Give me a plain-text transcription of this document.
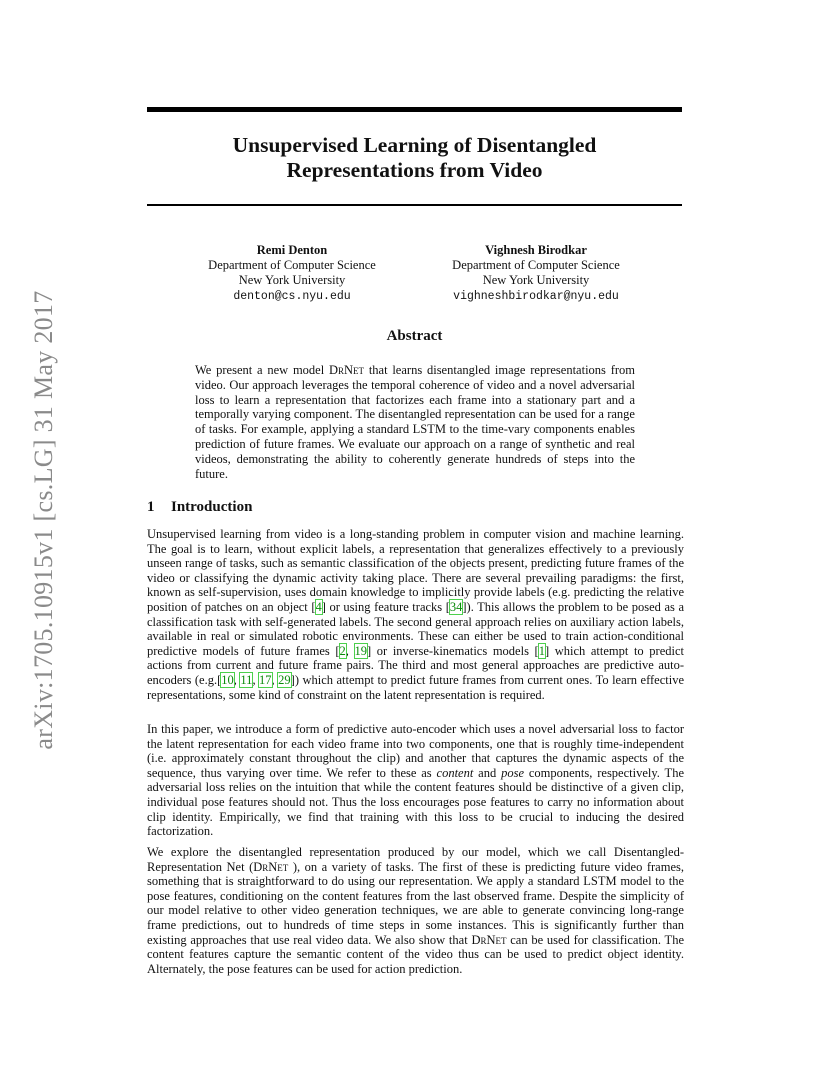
arXiv:1705.10915v1 [cs.LG] 31 May 2017
Unsupervised Learning of Disentangled
Representations from Video
Remi Denton
Department of Computer Science
New York University
denton@cs.nyu.edu
Vighnesh Birodkar
Department of Computer Science
New York University
vighneshbirodkar@nyu.edu
Abstract
We present a new model DrNet that learns disentangled image representations from video. Our approach leverages the temporal coherence of video and a novel adversarial loss to learn a representation that factorizes each frame into a stationary part and a temporally varying component. The disentangled representation can be used for a range of tasks. For example, applying a standard LSTM to the time-vary components enables prediction of future frames. We evaluate our approach on a range of synthetic and real videos, demonstrating the ability to coherently generate hundreds of steps into the future.
1 Introduction

Unsupervised learning from video is a long-standing problem in computer vision and machine learning. The goal is to learn, without explicit labels, a representation that generalizes effectively to a previously unseen range of tasks, such as semantic classification of the objects present, predicting future frames of the video or classifying the dynamic activity taking place. There are several prevailing paradigms: the first, known as self-supervision, uses domain knowledge to implicitly provide labels (e.g. predicting the relative position of patches on an object [4] or using feature tracks [34]). This allows the problem to be posed as a classification task with self-generated labels. The second general approach relies on auxiliary action labels, available in real or simulated robotic environments. These can either be used to train action-conditional predictive models of future frames [2, 19] or inverse-kinematics models [1] which attempt to predict actions from current and future frame pairs. The third and most general approaches are predictive auto-encoders (e.g.[10, 11, 17, 29]) which attempt to predict future frames from current ones. To learn effective representations, some kind of constraint on the latent representation is required.

In this paper, we introduce a form of predictive auto-encoder which uses a novel adversarial loss to factor the latent representation for each video frame into two components, one that is roughly time-independent (i.e. approximately constant throughout the clip) and another that captures the dynamic aspects of the sequence, thus varying over time. We refer to these as content and pose components, respectively. The adversarial loss relies on the intuition that while the content features should be distinctive of a given clip, individual pose features should not. Thus the loss encourages pose features to carry no information about clip identity. Empirically, we find that training with this loss to be crucial to inducing the desired factorization.

We explore the disentangled representation produced by our model, which we call Disentangled-Representation Net (DrNet ), on a variety of tasks. The first of these is predicting future video frames, something that is straightforward to do using our representation. We apply a standard LSTM model to the pose features, conditioning on the content features from the last observed frame. Despite the simplicity of our model relative to other video generation techniques, we are able to generate convincing long-range frame predictions, out to hundreds of time steps in some instances. This is significantly further than existing approaches that use real video data. We also show that DrNet can be used for classification. The content features capture the semantic content of the video thus can be used to predict object identity. Alternately, the pose features can be used for action prediction.
